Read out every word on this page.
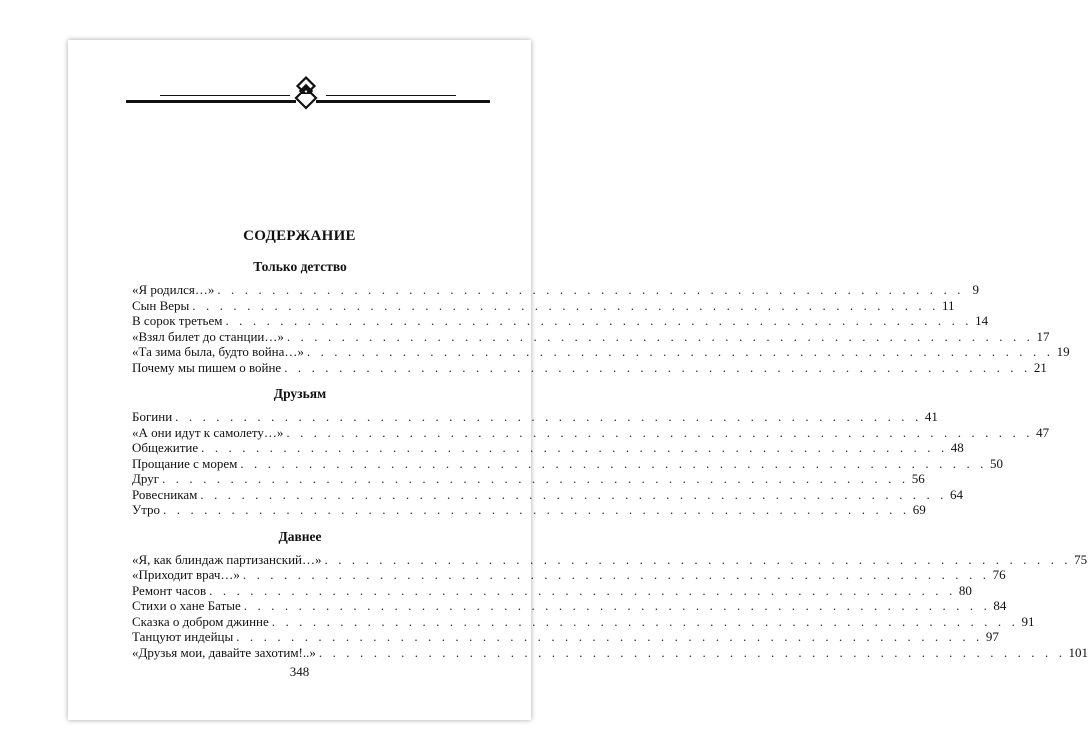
СОДЕРЖАНИЕ
Только детство
«Я родился…» . . . . . . . . . . . . . . . . . . . . . . . . . . . . . . . . . . . . . . . . . . . . . . . . . . . . . . . 9
Сын Веры . . . . . . . . . . . . . . . . . . . . . . . . . . . . . . . . . . . . . . . . . . . . . . . . . . . . . . . 11
В сорок третьем . . . . . . . . . . . . . . . . . . . . . . . . . . . . . . . . . . . . . . . . . . . . . . . . . . . . . . . 14
«Взял билет до станции…» . . . . . . . . . . . . . . . . . . . . . . . . . . . . . . . . . . . . . . . . . . . . . . . . . . . . . . . 17
«Та зима была, будто война…» . . . . . . . . . . . . . . . . . . . . . . . . . . . . . . . . . . . . . . . . . . . . . . . . . . . . . . . 19
Почему мы пишем о войне . . . . . . . . . . . . . . . . . . . . . . . . . . . . . . . . . . . . . . . . . . . . . . . . . . . . . . . 21
Друзьям
Богини . . . . . . . . . . . . . . . . . . . . . . . . . . . . . . . . . . . . . . . . . . . . . . . . . . . . . . . 41
«А они идут к самолету…» . . . . . . . . . . . . . . . . . . . . . . . . . . . . . . . . . . . . . . . . . . . . . . . . . . . . . . . 47
Общежитие . . . . . . . . . . . . . . . . . . . . . . . . . . . . . . . . . . . . . . . . . . . . . . . . . . . . . . . 48
Прощание с морем . . . . . . . . . . . . . . . . . . . . . . . . . . . . . . . . . . . . . . . . . . . . . . . . . . . . . . . 50
Друг . . . . . . . . . . . . . . . . . . . . . . . . . . . . . . . . . . . . . . . . . . . . . . . . . . . . . . . 56
Ровесникам . . . . . . . . . . . . . . . . . . . . . . . . . . . . . . . . . . . . . . . . . . . . . . . . . . . . . . . 64
Утро . . . . . . . . . . . . . . . . . . . . . . . . . . . . . . . . . . . . . . . . . . . . . . . . . . . . . . . 69
Давнее
«Я, как блиндаж партизанский…» . . . . . . . . . . . . . . . . . . . . . . . . . . . . . . . . . . . . . . . . . . . . . . . . . . . . . . . 75
«Приходит врач…» . . . . . . . . . . . . . . . . . . . . . . . . . . . . . . . . . . . . . . . . . . . . . . . . . . . . . . . 76
Ремонт часов . . . . . . . . . . . . . . . . . . . . . . . . . . . . . . . . . . . . . . . . . . . . . . . . . . . . . . . 80
Стихи о хане Батые . . . . . . . . . . . . . . . . . . . . . . . . . . . . . . . . . . . . . . . . . . . . . . . . . . . . . . . 84
Сказка о добром джинне . . . . . . . . . . . . . . . . . . . . . . . . . . . . . . . . . . . . . . . . . . . . . . . . . . . . . . . 91
Танцуют индейцы . . . . . . . . . . . . . . . . . . . . . . . . . . . . . . . . . . . . . . . . . . . . . . . . . . . . . . . 97
«Друзья мои, давайте захотим!..» . . . . . . . . . . . . . . . . . . . . . . . . . . . . . . . . . . . . . . . . . . . . . . . . . . . . . . . 101
348
